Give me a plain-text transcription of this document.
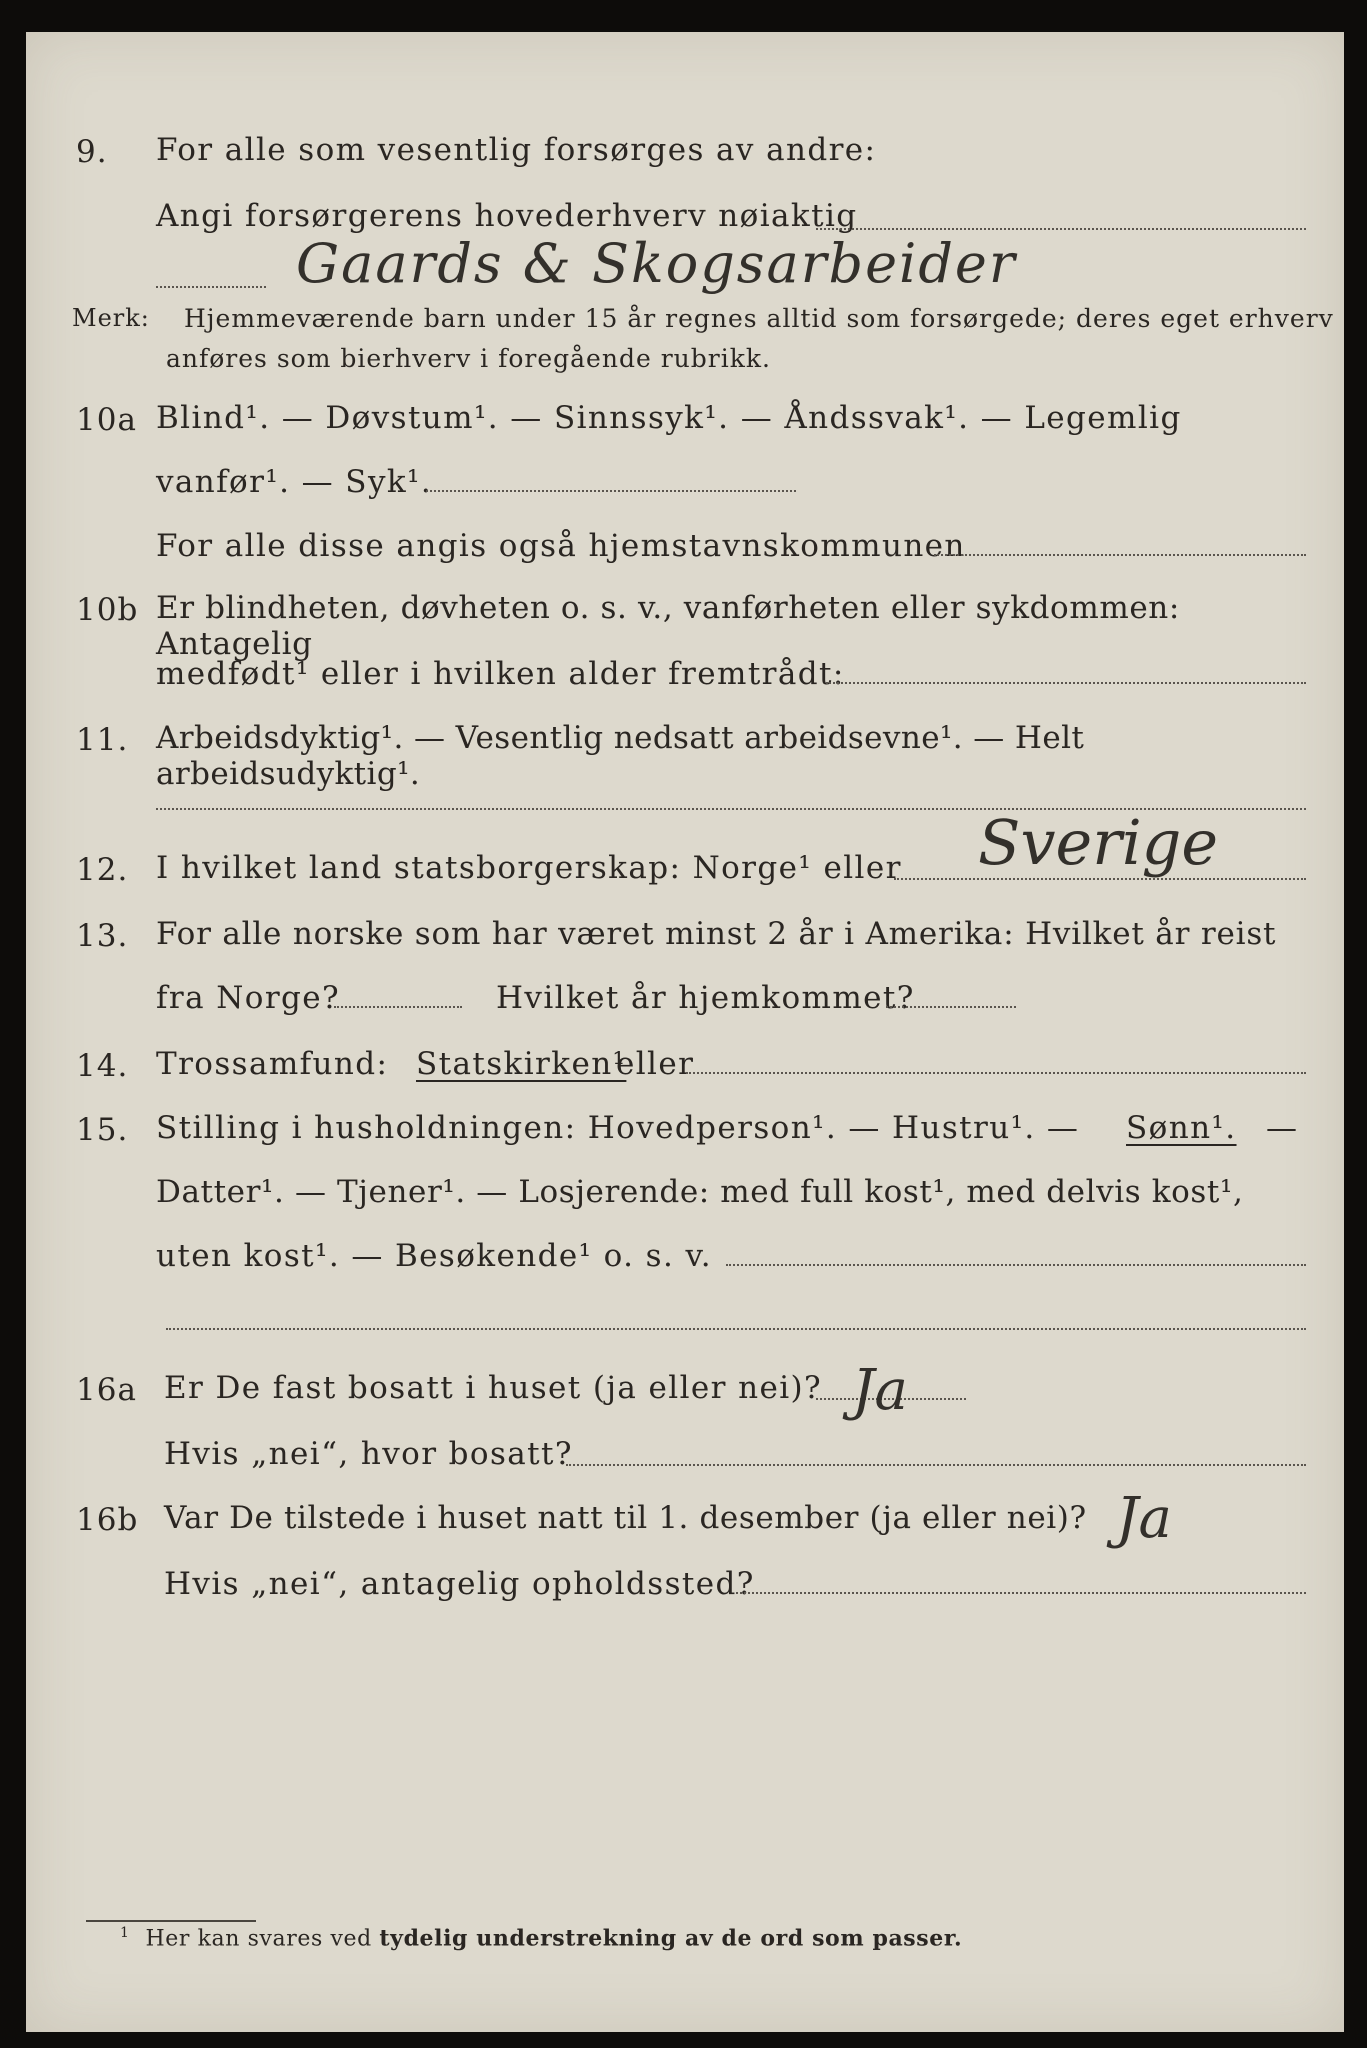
9. For alle som vesentlig forsørges av andre:
Angi forsørgerens hovederhverv nøiaktig
Gaards & Skogsarbeider
Merk: Hjemmeværende barn under 15 år regnes alltid som forsørgede; deres eget erhverv
anføres som bierhverv i foregående rubrikk.
10a Blind¹. — Døvstum¹. — Sinnssyk¹. — Åndssvak¹. — Legemlig
vanfør¹. — Syk¹.
For alle disse angis også hjemstavnskommunen
10b Er blindheten, døvheten o. s. v., vanførheten eller sykdommen: Antagelig
medfødt¹ eller i hvilken alder fremtrådt:
11. Arbeidsdyktig¹. — Vesentlig nedsatt arbeidsevne¹. — Helt arbeidsudyktig¹.
12. I hvilket land statsborgerskap: Norge¹ eller Sverige
13. For alle norske som har været minst 2 år i Amerika: Hvilket år reist
fra Norge?	Hvilket år hjemkommet?
14. Trossamfund: Statskirken¹
eller
15. Stilling i husholdningen: Hovedperson¹. — Hustru¹. — Sønn¹. —
Datter¹. — Tjener¹. — Losjerende: med full kost¹, med delvis kost¹,
uten kost¹. — Besøkende¹ o. s. v.
16a Er De fast bosatt i huset (ja eller nei)? Ja
Hvis „nei“, hvor bosatt?
16b Var De tilstede i huset natt til 1. desember (ja eller nei)? Ja
Hvis „nei“, antagelig opholdssted?
$^1$ Her kan svares ved tydelig understrekning av de ord som passer.
